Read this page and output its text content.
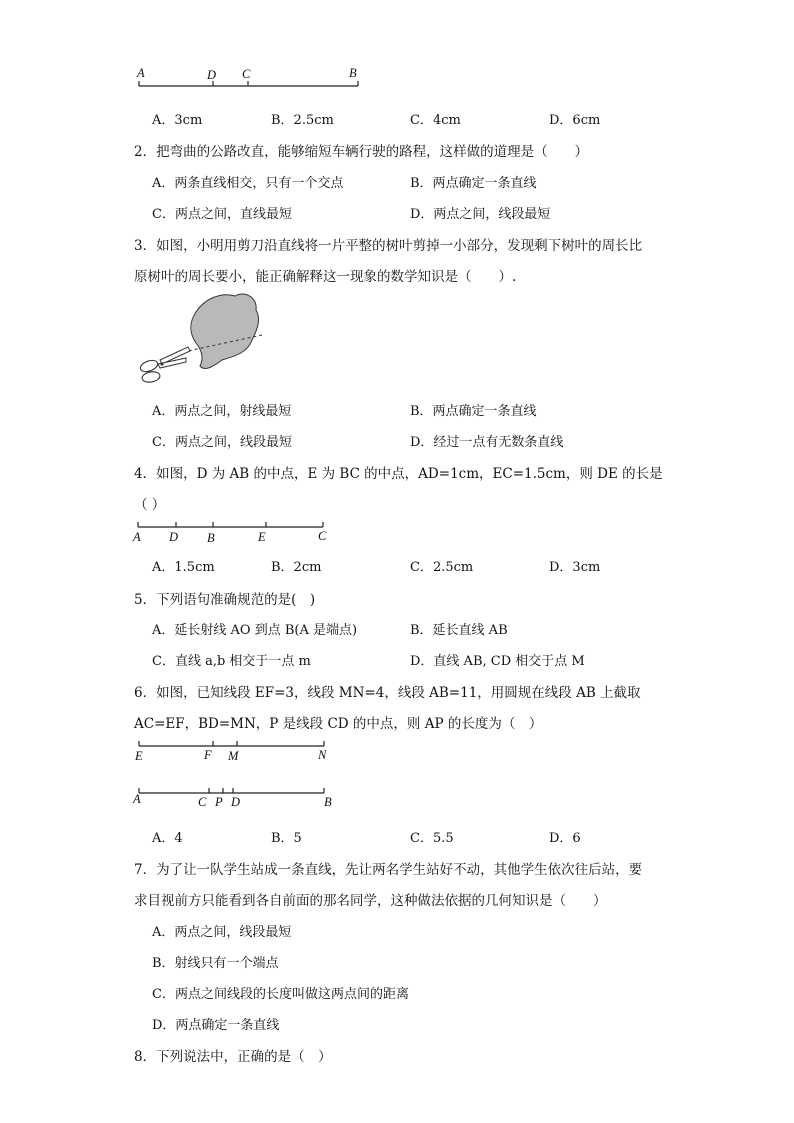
A	D C	B
A．3cm	B．2.5cm	C．4cm	D．6cm
2．把弯曲的公路改直，能够缩短车辆行驶的路程，这样做的道理是（　　）
A．两条直线相交，只有一个交点	B．两点确定一条直线
C．两点之间，直线最短	D．两点之间，线段最短
3．如图，小明用剪刀沿直线将一片平整的树叶剪掉一小部分，发现剩下树叶的周长比
原树叶的周长要小，能正确解释这一现象的数学知识是（　　）.
A．两点之间，射线最短	B．两点确定一条直线
C．两点之间，线段最短	D．经过一点有无数条直线
4．如图，D 为 AB 的中点，E 为 BC 的中点，AD=1cm，EC=1.5cm，则 DE 的长是
（ ）
A D B	E	C
A．1.5cm	B．2cm	C．2.5cm	D．3cm
5．下列语句准确规范的是(　)
A．延长射线 AO 到点 B(A 是端点)	B．延长直线 AB
C．直线 a,b 相交于一点 m	D．直线 AB, CD 相交于点 M
6．如图，已知线段 EF=3，线段 MN=4，线段 AB=11，用圆规在线段 AB 上截取
AC=EF，BD=MN，P 是线段 CD 的中点，则 AP 的长度为（　）
E	F M	N
A	C P D	B
A．4	B．5	C．5.5	D．6
7．为了让一队学生站成一条直线，先让两名学生站好不动，其他学生依次往后站，要
求目视前方只能看到各自前面的那名同学，这种做法依据的几何知识是（　　）
A．两点之间，线段最短
B．射线只有一个端点
C．两点之间线段的长度叫做这两点间的距离
D．两点确定一条直线
8．下列说法中，正确的是（　）
